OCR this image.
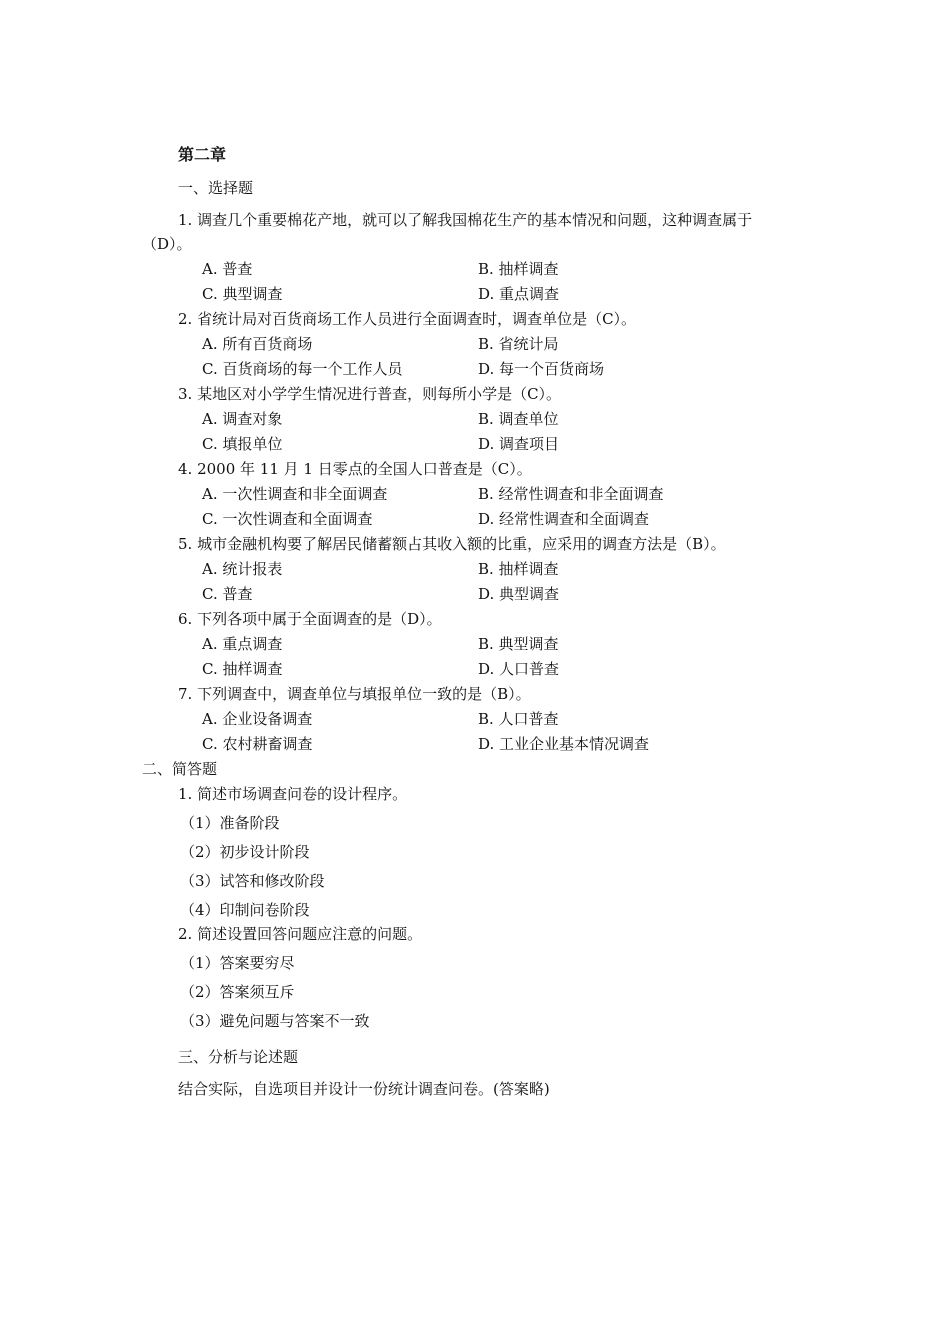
第二章
一、选择题
1. 调查几个重要棉花产地，就可以了解我国棉花生产的基本情况和问题，这种调查属于
（D）。
A. 普查	B. 抽样调查
C. 典型调查	D. 重点调查
2. 省统计局对百货商场工作人员进行全面调查时，调查单位是（C）。
A. 所有百货商场	B. 省统计局
C. 百货商场的每一个工作人员	D. 每一个百货商场
3. 某地区对小学学生情况进行普查，则每所小学是（C）。
A. 调查对象	B. 调查单位
C. 填报单位	D. 调查项目
4. 2000 年 11 月 1 日零点的全国人口普查是（C）。
A. 一次性调查和非全面调查	B. 经常性调查和非全面调查
C. 一次性调查和全面调查	D. 经常性调查和全面调查
5. 城市金融机构要了解居民储蓄额占其收入额的比重，应采用的调查方法是（B）。
A. 统计报表	B. 抽样调查
C. 普查	D. 典型调查
6. 下列各项中属于全面调查的是（D）。
A. 重点调查	B. 典型调查
C. 抽样调查	D. 人口普查
7. 下列调查中，调查单位与填报单位一致的是（B）。
A. 企业设备调查	B. 人口普查
C. 农村耕畜调查	D. 工业企业基本情况调查
二、简答题
1. 简述市场调查问卷的设计程序。
（1）准备阶段
（2）初步设计阶段
（3）试答和修改阶段
（4）印制问卷阶段
2. 简述设置回答问题应注意的问题。
（1）答案要穷尽
（2）答案须互斥
（3）避免问题与答案不一致
三、分析与论述题
结合实际，自选项目并设计一份统计调查问卷。(答案略)
